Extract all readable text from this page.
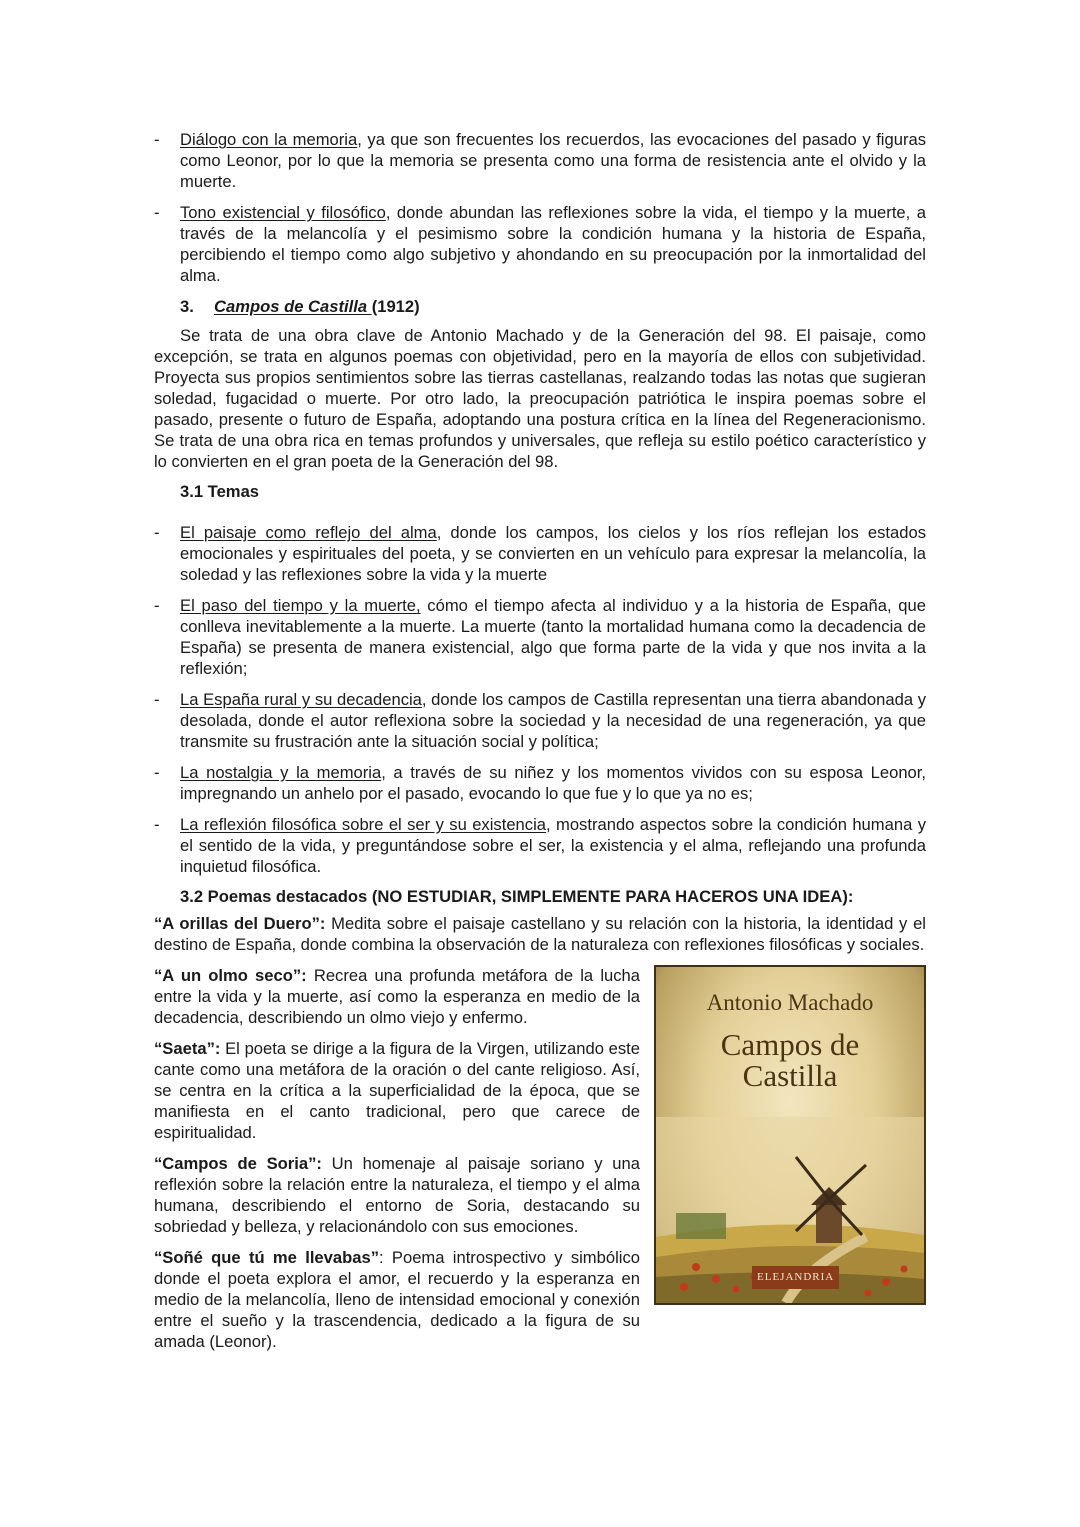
- Diálogo con la memoria, ya que son frecuentes los recuerdos, las evocaciones del pasado y figuras como Leonor, por lo que la memoria se presenta como una forma de resistencia ante el olvido y la muerte.
- Tono existencial y filosófico, donde abundan las reflexiones sobre la vida, el tiempo y la muerte, a través de la melancolía y el pesimismo sobre la condición humana y la historia de España, percibiendo el tiempo como algo subjetivo y ahondando en su preocupación por la inmortalidad del alma.
3. Campos de Castilla (1912)

Se trata de una obra clave de Antonio Machado y de la Generación del 98. El paisaje, como excepción, se trata en algunos poemas con objetividad, pero en la mayoría de ellos con subjetividad. Proyecta sus propios sentimientos sobre las tierras castellanas, realzando todas las notas que sugieran soledad, fugacidad o muerte. Por otro lado, la preocupación patriótica le inspira poemas sobre el pasado, presente o futuro de España, adoptando una postura crítica en la línea del Regeneracionismo. Se trata de una obra rica en temas profundos y universales, que refleja su estilo poético característico y lo convierten en el gran poeta de la Generación del 98.

3.1 Temas
- El paisaje como reflejo del alma, donde los campos, los cielos y los ríos reflejan los estados emocionales y espirituales del poeta, y se convierten en un vehículo para expresar la melancolía, la soledad y las reflexiones sobre la vida y la muerte
- El paso del tiempo y la muerte, cómo el tiempo afecta al individuo y a la historia de España, que conlleva inevitablemente a la muerte. La muerte (tanto la mortalidad humana como la decadencia de España) se presenta de manera existencial, algo que forma parte de la vida y que nos invita a la reflexión;
- La España rural y su decadencia, donde los campos de Castilla representan una tierra abandonada y desolada, donde el autor reflexiona sobre la sociedad y la necesidad de una regeneración, ya que transmite su frustración ante la situación social y política;
- La nostalgia y la memoria, a través de su niñez y los momentos vividos con su esposa Leonor, impregnando un anhelo por el pasado, evocando lo que fue y lo que ya no es;
- La reflexión filosófica sobre el ser y su existencia, mostrando aspectos sobre la condición humana y el sentido de la vida, y preguntándose sobre el ser, la existencia y el alma, reflejando una profunda inquietud filosófica.
3.2 Poemas destacados (NO ESTUDIAR, SIMPLEMENTE PARA HACEROS UNA IDEA):

“A orillas del Duero”: Medita sobre el paisaje castellano y su relación con la historia, la identidad y el destino de España, donde combina la observación de la naturaleza con reflexiones filosóficas y sociales.

Antonio Machado
Campos de
Castilla
ELEJANDRIA

“A un olmo seco”: Recrea una profunda metáfora de la lucha entre la vida y la muerte, así como la esperanza en medio de la decadencia, describiendo un olmo viejo y enfermo.

“Saeta”: El poeta se dirige a la figura de la Virgen, utilizando este cante como una metáfora de la oración o del cante religioso. Así, se centra en la crítica a la superficialidad de la época, que se manifiesta en el canto tradicional, pero que carece de espiritualidad.

“Campos de Soria”: Un homenaje al paisaje soriano y una reflexión sobre la relación entre la naturaleza, el tiempo y el alma humana, describiendo el entorno de Soria, destacando su sobriedad y belleza, y relacionándolo con sus emociones.

“Soñé que tú me llevabas”: Poema introspectivo y simbólico donde el poeta explora el amor, el recuerdo y la esperanza en medio de la melancolía, lleno de intensidad emocional y conexión entre el sueño y la trascendencia, dedicado a la figura de su amada (Leonor).
